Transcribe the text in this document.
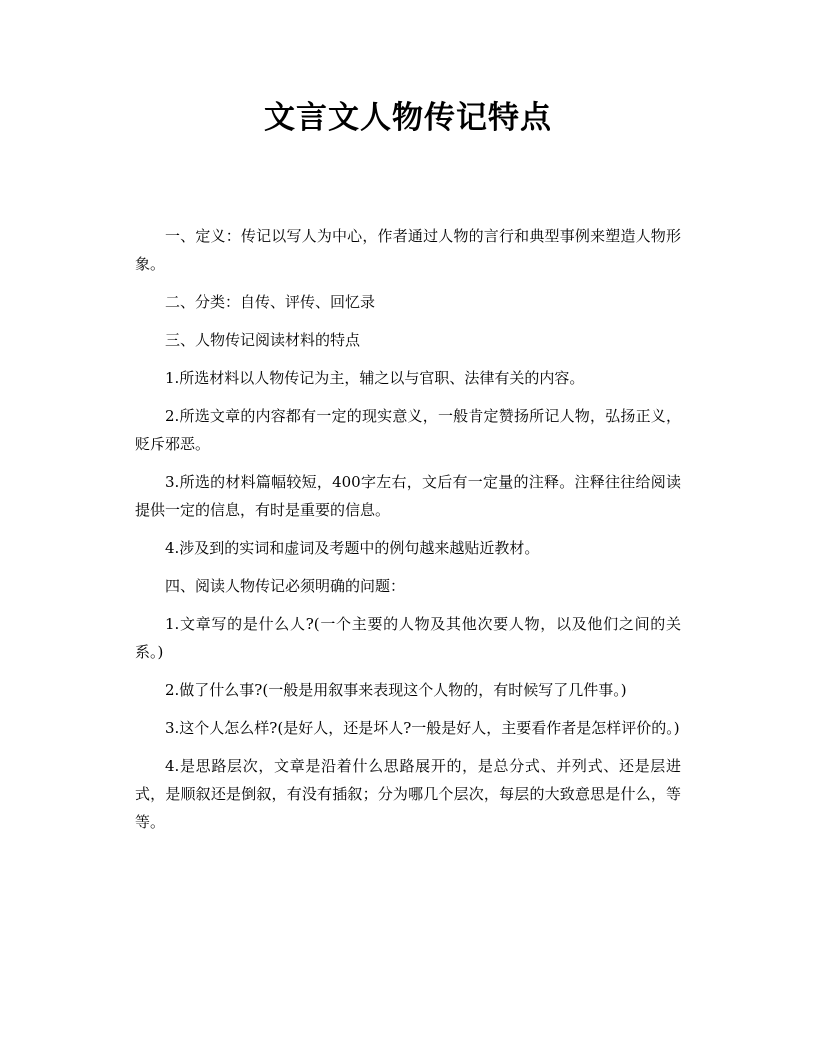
文言文人物传记特点

一、定义：传记以写人为中心，作者通过人物的言行和典型事例来塑造人物形象。

二、分类：自传、评传、回忆录

三、人物传记阅读材料的特点

1.所选材料以人物传记为主，辅之以与官职、法律有关的内容。

2.所选文章的内容都有一定的现实意义，一般肯定赞扬所记人物，弘扬正义，贬斥邪恶。

3.所选的材料篇幅较短，400字左右，文后有一定量的注释。注释往往给阅读提供一定的信息，有时是重要的信息。

4.涉及到的实词和虚词及考题中的例句越来越贴近教材。

四、阅读人物传记必须明确的问题：

1.文章写的是什么人?(一个主要的人物及其他次要人物，以及他们之间的关系。)

2.做了什么事?(一般是用叙事来表现这个人物的，有时候写了几件事。)

3.这个人怎么样?(是好人，还是坏人?一般是好人，主要看作者是怎样评价的。)

4.是思路层次，文章是沿着什么思路展开的，是总分式、并列式、还是层进式，是顺叙还是倒叙，有没有插叙；分为哪几个层次，每层的大致意思是什么，等等。
